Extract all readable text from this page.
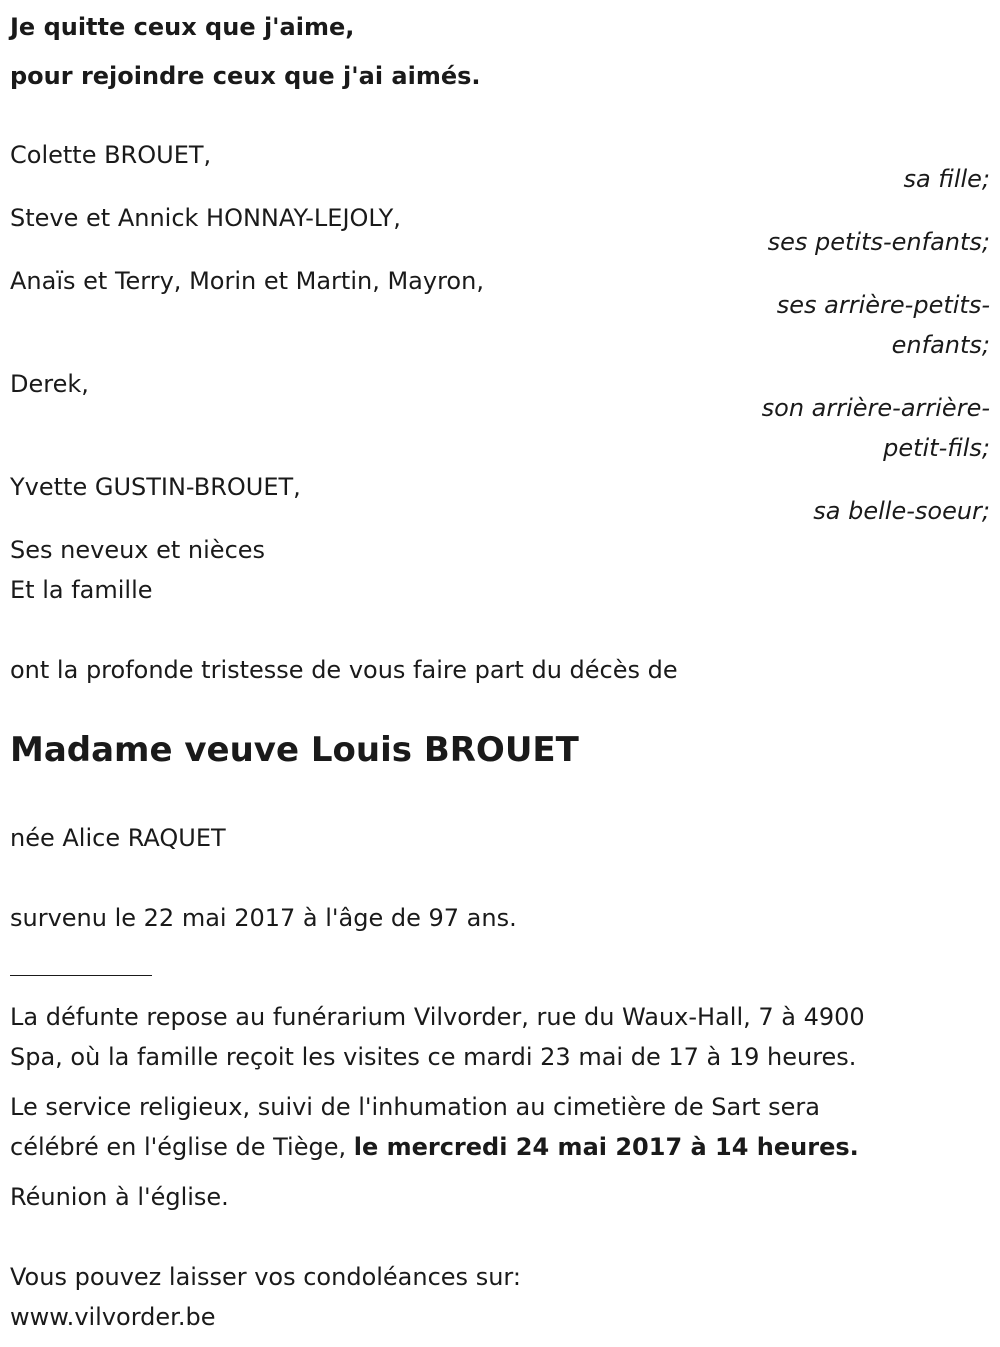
Je quitte ceux que j'aime,
pour rejoindre ceux que j'ai aimés.
Colette BROUET,
sa fille;
Steve et Annick HONNAY-LEJOLY,
ses petits-enfants;
Anaïs et Terry, Morin et Martin, Mayron,
ses arrière-petits-
enfants;
Derek,
son arrière-arrière-
petit-fils;
Yvette GUSTIN-BROUET,
sa belle-soeur;
Ses neveux et nièces
Et la famille
ont la profonde tristesse de vous faire part du décès de
Madame veuve Louis BROUET
née Alice RAQUET
survenu le 22 mai 2017 à l'âge de 97 ans.
La défunte repose au funérarium Vilvorder, rue du Waux-Hall, 7 à 4900
Spa, où la famille reçoit les visites ce mardi 23 mai de 17 à 19 heures.
Le service religieux, suivi de l'inhumation au cimetière de Sart sera
célébré en l'église de Tiège, le mercredi 24 mai 2017 à 14 heures.
Réunion à l'église.
Vous pouvez laisser vos condoléances sur:
www.vilvorder.be
